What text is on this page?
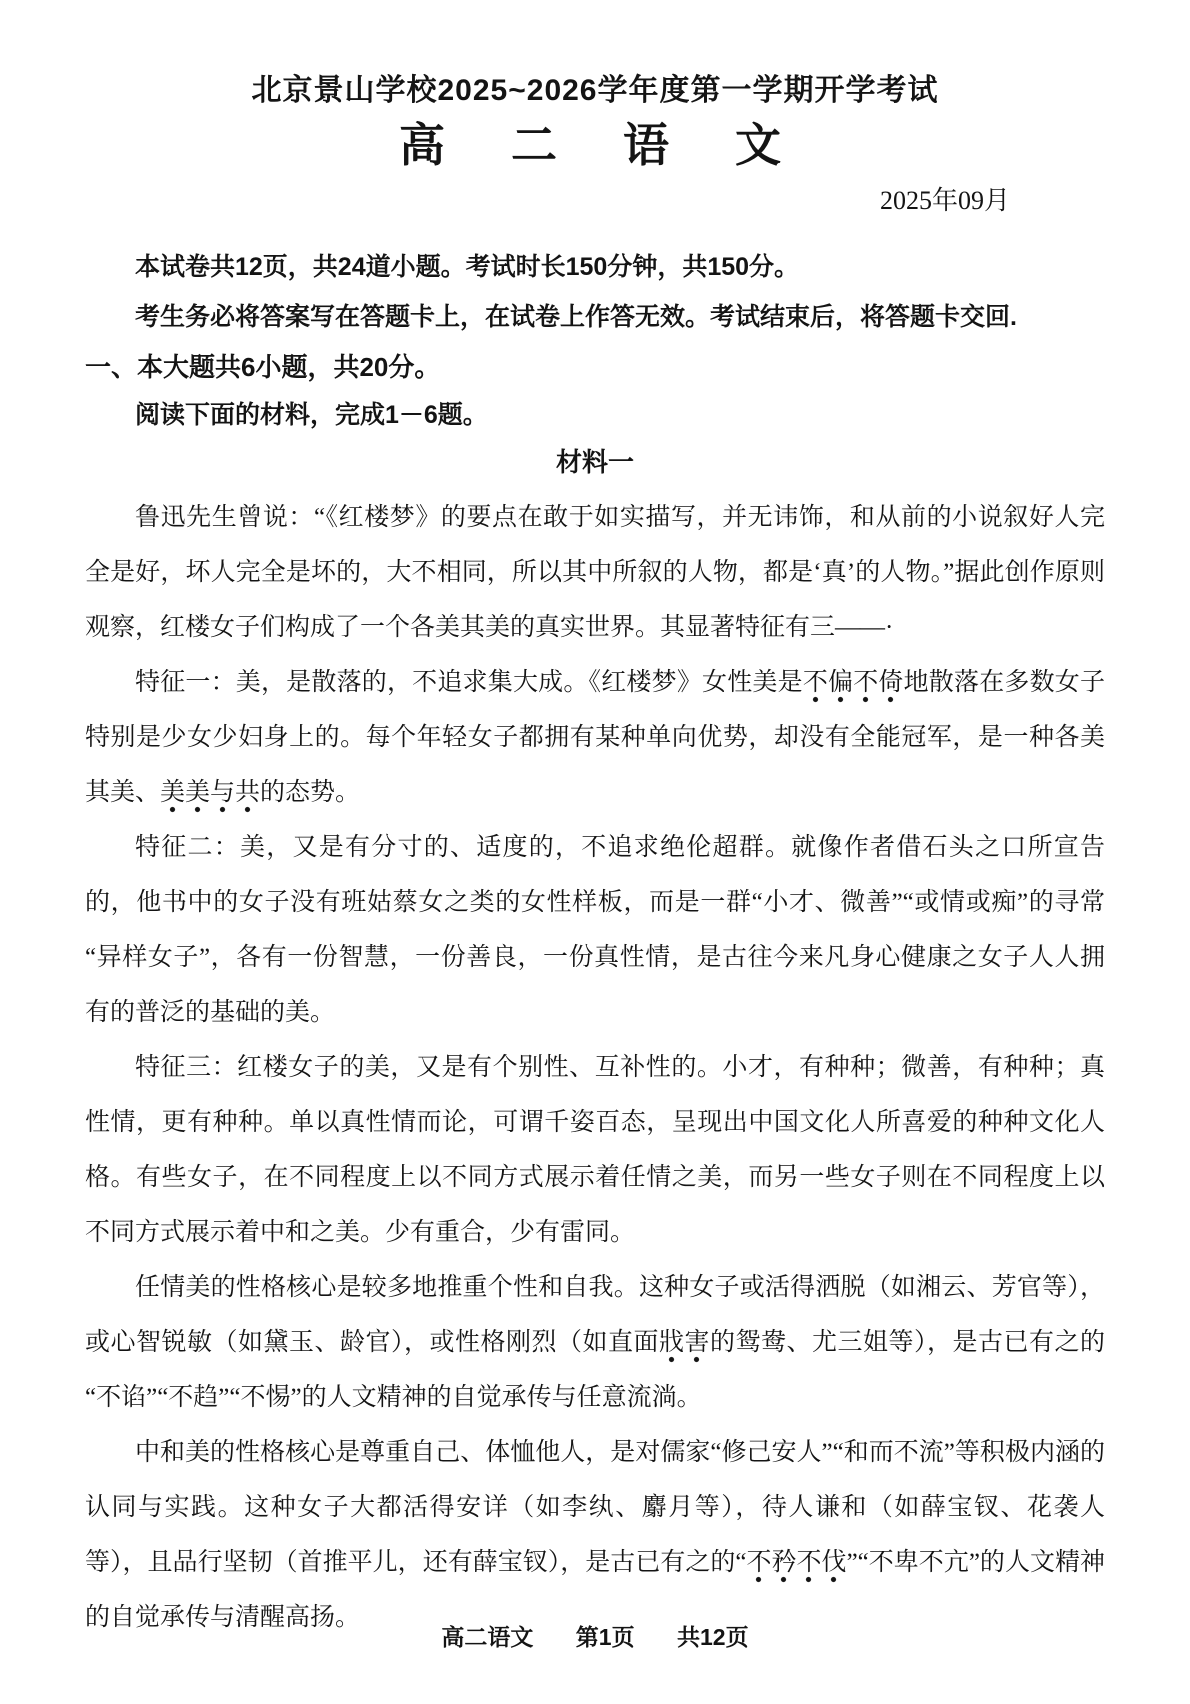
北京景山学校2025~2026学年度第一学期开学考试
高　二　语　文
2025年09月
本试卷共12页，共24道小题。考试时长150分钟，共150分。
考生务必将答案写在答题卡上，在试卷上作答无效。考试结束后，将答题卡交回.
一、本大题共6小题，共20分。
阅读下面的材料，完成1－6题。
材料一

鲁迅先生曾说：“《红楼梦》的要点在敢于如实描写，并无讳饰，和从前的小说叙好人完全是好，坏人完全是坏的，大不相同，所以其中所叙的人物，都是‘真’的人物。”据此创作原则观察，红楼女子们构成了一个各美其美的真实世界。其显著特征有三——·

特征一：美，是散落的，不追求集大成。《红楼梦》女性美是不偏不倚地散落在多数女子特别是少女少妇身上的。每个年轻女子都拥有某种单向优势，却没有全能冠军，是一种各美其美、美美与共的态势。

特征二：美，又是有分寸的、适度的，不追求绝伦超群。就像作者借石头之口所宣告的，他书中的女子没有班姑蔡女之类的女性样板，而是一群“小才、微善”“或情或痴”的寻常“异样女子”，各有一份智慧，一份善良，一份真性情，是古往今来凡身心健康之女子人人拥有的普泛的基础的美。

特征三：红楼女子的美，又是有个别性、互补性的。小才，有种种；微善，有种种；真性情，更有种种。单以真性情而论，可谓千姿百态，呈现出中国文化人所喜爱的种种文化人格。有些女子，在不同程度上以不同方式展示着任情之美，而另一些女子则在不同程度上以不同方式展示着中和之美。少有重合，少有雷同。

任情美的性格核心是较多地推重个性和自我。这种女子或活得洒脱（如湘云、芳官等），或心智锐敏（如黛玉、龄官），或性格刚烈（如直面戕害的鸳鸯、尤三姐等），是古已有之的“不谄”“不趋”“不惕”的人文精神的自觉承传与任意流淌。

中和美的性格核心是尊重自己、体恤他人，是对儒家“修己安人”“和而不流”等积极内涵的认同与实践。这种女子大都活得安详（如李纨、麝月等），待人谦和（如薛宝钗、花袭人等），且品行坚韧（首推平儿，还有薛宝钗），是古已有之的“不矜不伐”“不卑不亢”的人文精神的自觉承传与清醒高扬。

高二语文 第1页 共12页
